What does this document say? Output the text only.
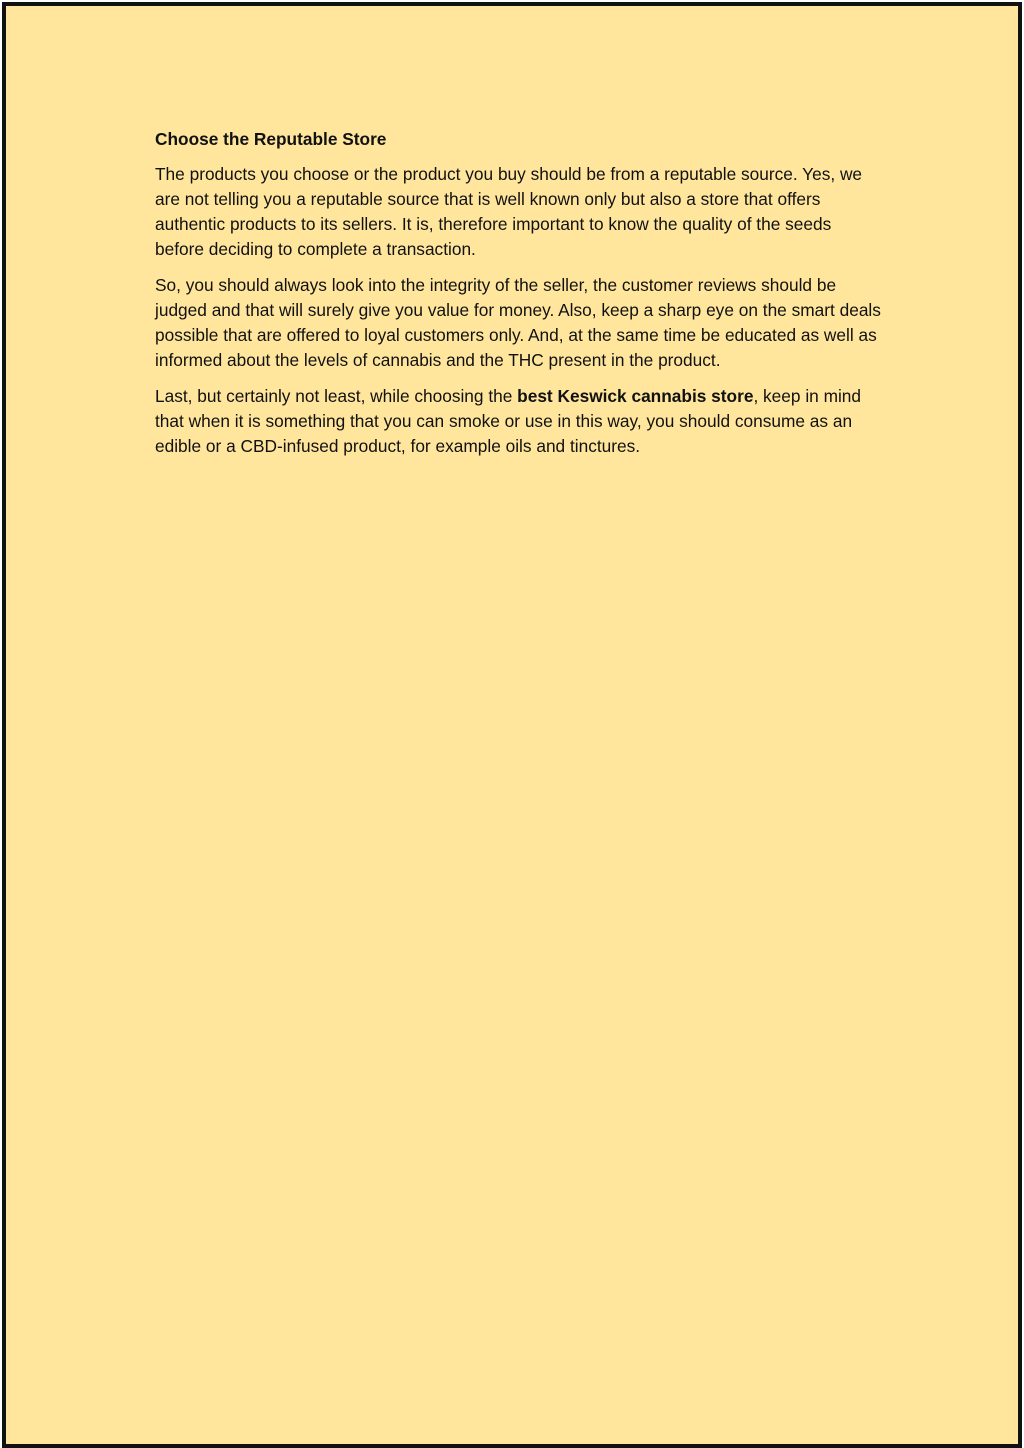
Choose the Reputable Store

The products you choose or the product you buy should be from a reputable source. Yes, we are not telling you a reputable source that is well known only but also a store that offers authentic products to its sellers. It is, therefore important to know the quality of the seeds before deciding to complete a transaction.

So, you should always look into the integrity of the seller, the customer reviews should be judged and that will surely give you value for money. Also, keep a sharp eye on the smart deals possible that are offered to loyal customers only. And, at the same time be educated as well as informed about the levels of cannabis and the THC present in the product.

Last, but certainly not least, while choosing the best Keswick cannabis store, keep in mind that when it is something that you can smoke or use in this way, you should consume as an edible or a CBD-infused product, for example oils and tinctures.
